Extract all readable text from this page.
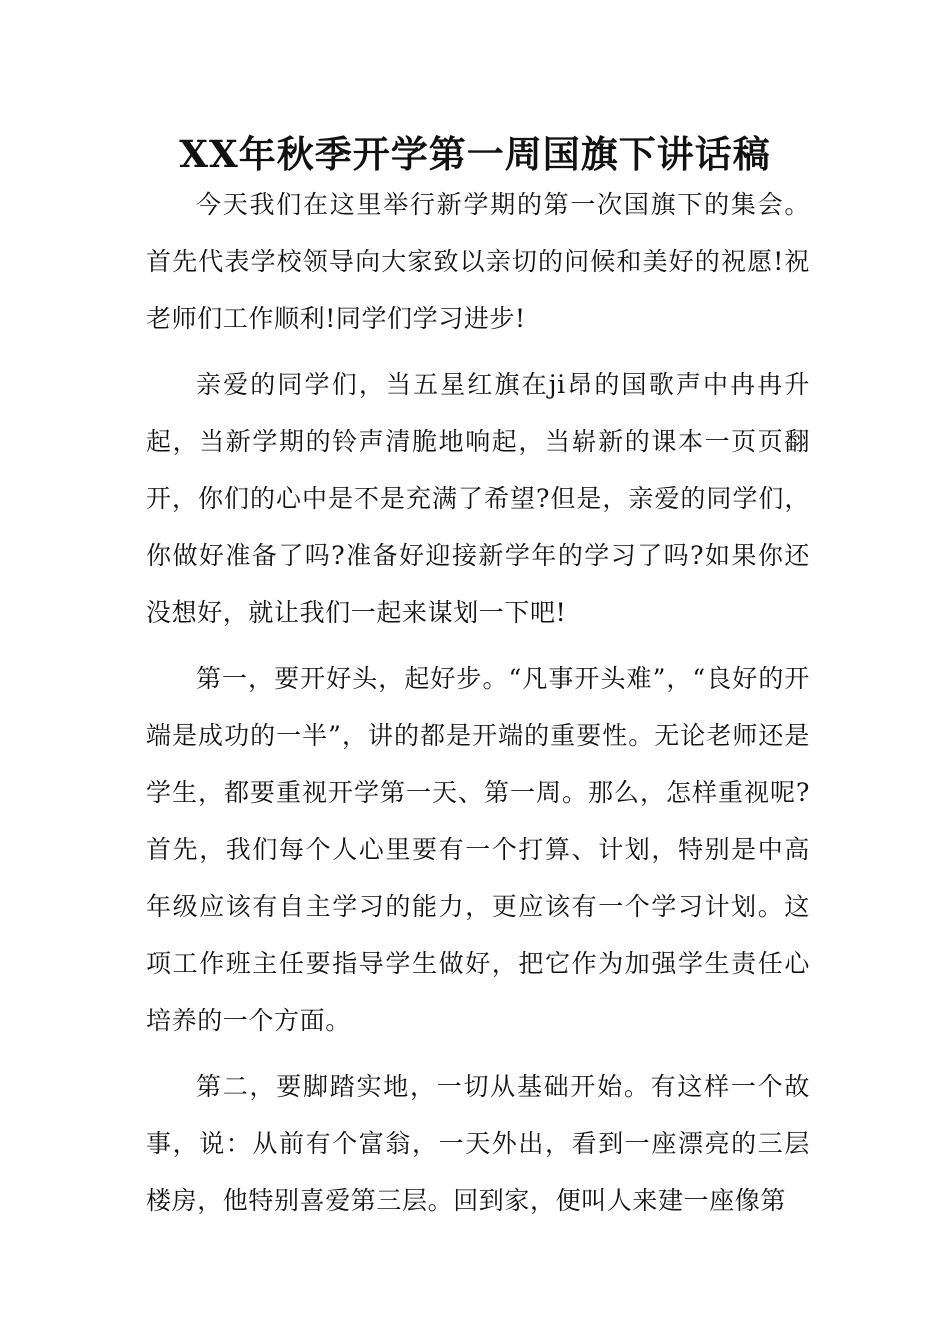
XX年秋季开学第一周国旗下讲话稿

今天我们在这里举行新学期的第一次国旗下的集会。首先代表学校领导向大家致以亲切的问候和美好的祝愿!祝老师们工作顺利!同学们学习进步!

亲爱的同学们，当五星红旗在ji昂的国歌声中冉冉升起，当新学期的铃声清脆地响起，当崭新的课本一页页翻开，你们的心中是不是充满了希望?但是，亲爱的同学们，你做好准备了吗?准备好迎接新学年的学习了吗?如果你还没想好，就让我们一起来谋划一下吧!

第一，要开好头，起好步。“凡事开头难”，“良好的开端是成功的一半”，讲的都是开端的重要性。无论老师还是学生，都要重视开学第一天、第一周。那么，怎样重视呢?首先，我们每个人心里要有一个打算、计划，特别是中高年级应该有自主学习的能力，更应该有一个学习计划。这项工作班主任要指导学生做好，把它作为加强学生责任心培养的一个方面。

第二，要脚踏实地，一切从基础开始。有这样一个故事，说：从前有个富翁，一天外出，看到一座漂亮的三层楼房，他特别喜爱第三层。回到家，便叫人来建一座像第
